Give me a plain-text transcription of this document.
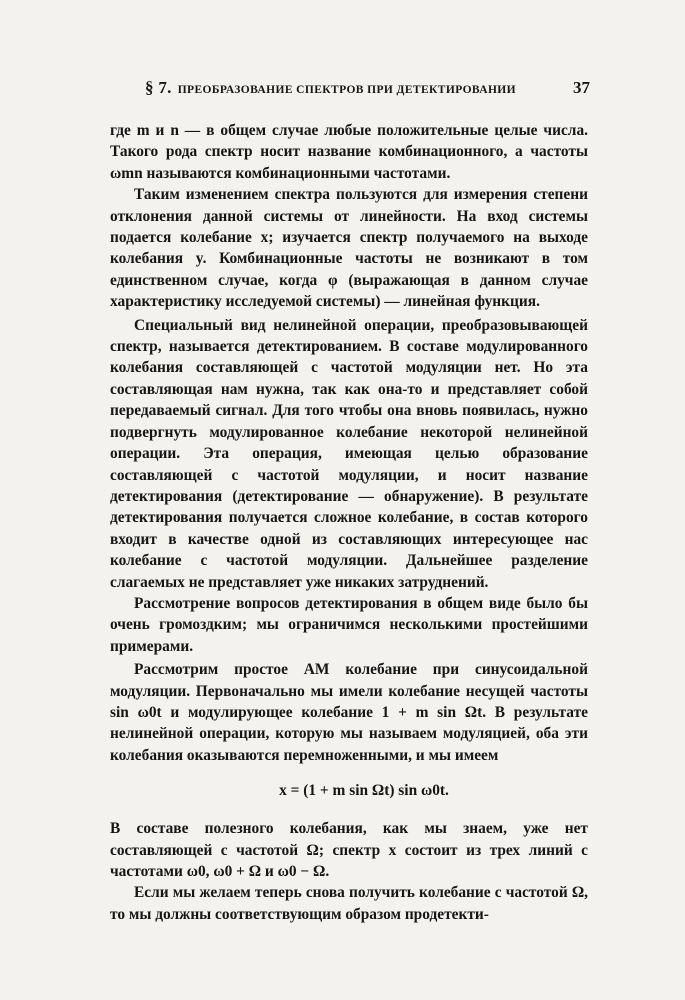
§ 7. ПРЕОБРАЗОВАНИЕ СПЕКТРОВ ПРИ ДЕТЕКТИРОВАНИИ	37

где m и n — в общем случае любые положительные целые числа. Такого рода спектр носит название комбинационного, а частоты ωmn называются комбинационными частотами.

Таким изменением спектра пользуются для измерения степени отклонения данной системы от линейности. На вход системы подается колебание x; изучается спектр получаемого на выходе колебания y. Комбинационные частоты не возникают в том единственном случае, когда φ (выражающая в данном случае характеристику исследуемой системы) — линейная функция.

Специальный вид нелинейной операции, преобразовывающей спектр, называется детектированием. В составе модулированного колебания составляющей с частотой модуляции нет. Но эта составляющая нам нужна, так как она-то и представляет собой передаваемый сигнал. Для того чтобы она вновь появилась, нужно подвергнуть модулированное колебание некоторой нелинейной операции. Эта операция, имеющая целью образование составляющей с частотой модуляции, и носит название детектирования (детектирование — обнаружение). В результате детектирования получается сложное колебание, в состав которого входит в качестве одной из составляющих интересующее нас колебание с частотой модуляции. Дальнейшее разделение слагаемых не представляет уже никаких затруднений.

Рассмотрение вопросов детектирования в общем виде было бы очень громоздким; мы ограничимся несколькими простейшими примерами.

Рассмотрим простое АМ колебание при синусоидальной модуляции. Первоначально мы имели колебание несущей частоты sin ω0t и модулирующее колебание 1 + m sin Ωt. В результате нелинейной операции, которую мы называем модуляцией, оба эти колебания оказываются перемноженными, и мы имеем

x = (1 + m sin Ωt) sin ω0t.

В составе полезного колебания, как мы знаем, уже нет составляющей с частотой Ω; спектр x состоит из трех линий с частотами ω0, ω0 + Ω и ω0 − Ω.

Если мы желаем теперь снова получить колебание с частотой Ω, то мы должны соответствующим образом продетекти-
